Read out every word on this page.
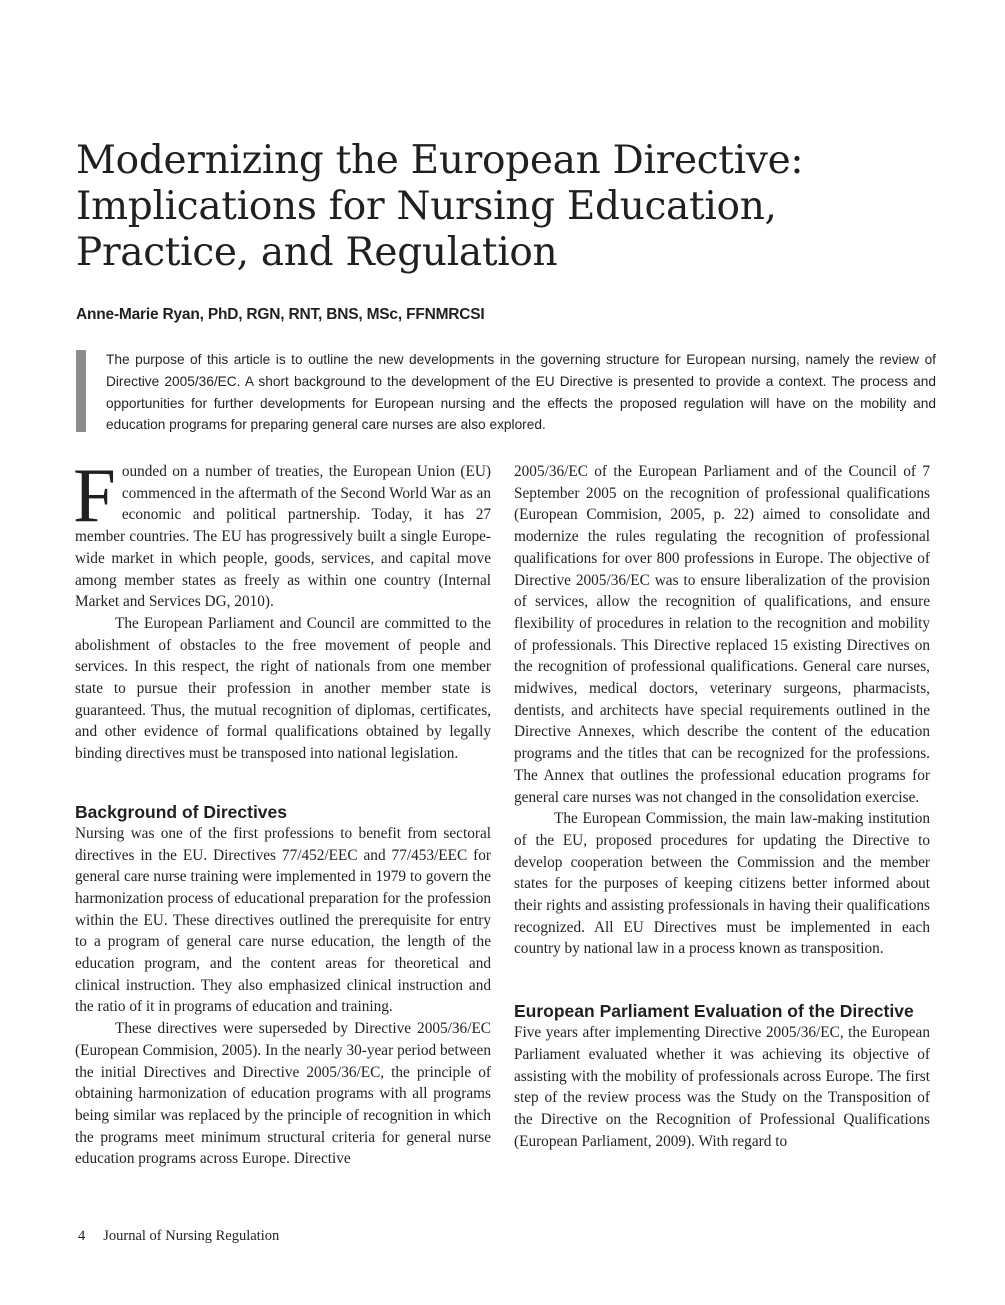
Modernizing the European Directive:
Implications for Nursing Education,
Practice, and Regulation
Anne-Marie Ryan, PhD, RGN, RNT, BNS, MSc, FFNMRCSI

The purpose of this article is to outline the new developments in the governing structure for European nursing, namely the review of Directive 2005/36/EC. A short background to the development of the EU Directive is presented to provide a context. The process and opportunities for further developments for European nursing and the effects the proposed regulation will have on the mobility and education programs for preparing general care nurses are also explored.

Founded on a number of treaties, the European Union (EU) commenced in the aftermath of the Second World War as an economic and political partnership. Today, it has 27 member countries. The EU has progressively built a single Europe-wide market in which people, goods, services, and capital move among member states as freely as within one country (Internal Market and Services DG, 2010).

The European Parliament and Council are committed to the abolishment of obstacles to the free movement of people and services. In this respect, the right of nationals from one member state to pursue their profession in another member state is guaranteed. Thus, the mutual recognition of diplomas, certificates, and other evidence of formal qualifications obtained by legally binding directives must be transposed into national legislation.

Background of Directives

Nursing was one of the first professions to benefit from sectoral directives in the EU. Directives 77/452/EEC and 77/453/EEC for general care nurse training were implemented in 1979 to govern the harmonization process of educational preparation for the profession within the EU. These directives outlined the prerequisite for entry to a program of general care nurse education, the length of the education program, and the content areas for theoretical and clinical instruction. They also emphasized clinical instruction and the ratio of it in programs of education and training.

These directives were superseded by Directive 2005/36/EC (European Commision, 2005). In the nearly 30-year period between the initial Directives and Directive 2005/36/EC, the principle of obtaining harmonization of education programs with all programs being similar was replaced by the principle of recognition in which the programs meet minimum structural criteria for general nurse education programs across Europe. Directive

2005/36/EC of the European Parliament and of the Council of 7 September 2005 on the recognition of professional qualifications (European Commision, 2005, p. 22) aimed to consolidate and modernize the rules regulating the recognition of professional qualifications for over 800 professions in Europe. The objective of Directive 2005/36/EC was to ensure liberalization of the provision of services, allow the recognition of qualifications, and ensure flexibility of procedures in relation to the recognition and mobility of professionals. This Directive replaced 15 existing Directives on the recognition of professional qualifications. General care nurses, midwives, medical doctors, veterinary surgeons, pharmacists, dentists, and architects have special requirements outlined in the Directive Annexes, which describe the content of the education programs and the titles that can be recognized for the professions. The Annex that outlines the professional education programs for general care nurses was not changed in the consolidation exercise.

The European Commission, the main law-making institution of the EU, proposed procedures for updating the Directive to develop cooperation between the Commission and the member states for the purposes of keeping citizens better informed about their rights and assisting professionals in having their qualifications recognized. All EU Directives must be implemented in each country by national law in a process known as transposition.

European Parliament Evaluation of the Directive

Five years after implementing Directive 2005/36/EC, the European Parliament evaluated whether it was achieving its objective of assisting with the mobility of professionals across Europe. The first step of the review process was the Study on the Transposition of the Directive on the Recognition of Professional Qualifications (European Parliament, 2009). With regard to

4 Journal of Nursing Regulation
